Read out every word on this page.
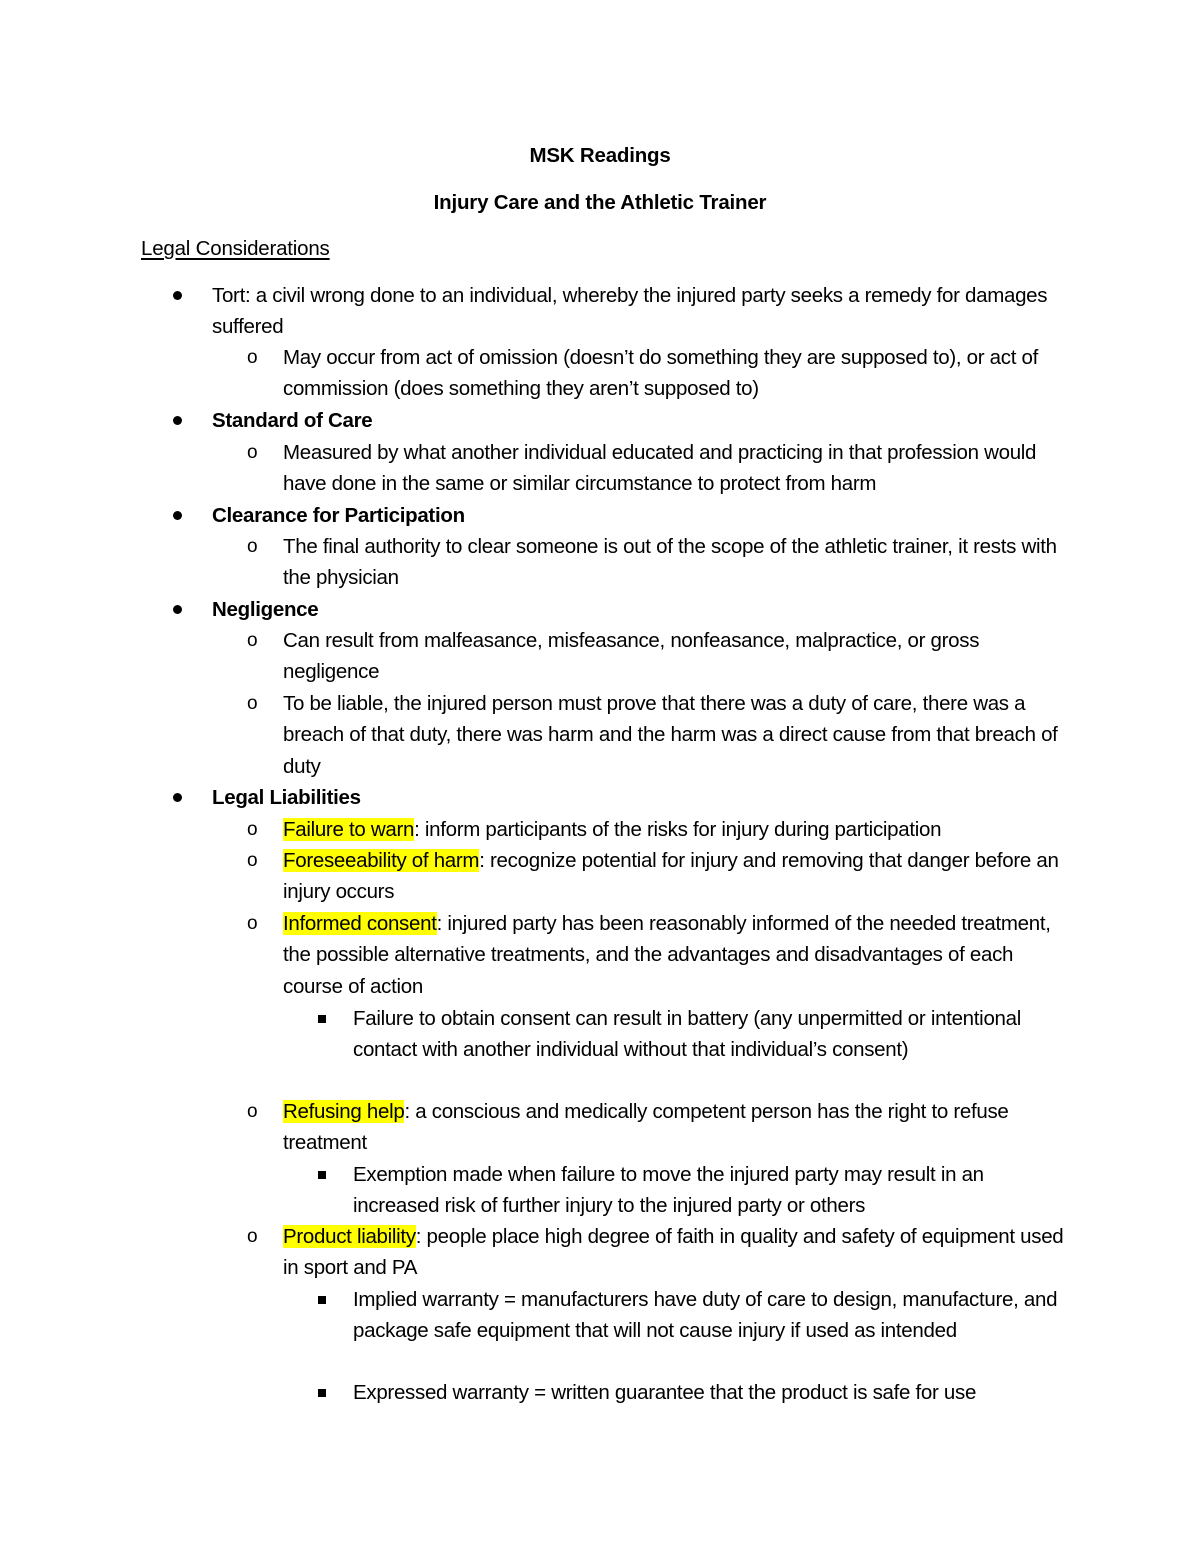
MSK Readings
Injury Care and the Athletic Trainer
Legal Considerations
Tort: a civil wrong done to an individual, whereby the injured party seeks a remedy for damages suffered
o May occur from act of omission (doesn’t do something they are supposed to), or act of commission (does something they aren’t supposed to)
Standard of Care
o Measured by what another individual educated and practicing in that profession would have done in the same or similar circumstance to protect from harm
Clearance for Participation
o The final authority to clear someone is out of the scope of the athletic trainer, it rests with the physician
Negligence
o Can result from malfeasance, misfeasance, nonfeasance, malpractice, or gross negligence
o To be liable, the injured person must prove that there was a duty of care, there was a breach of that duty, there was harm and the harm was a direct cause from that breach of duty
Legal Liabilities
o Failure to warn: inform participants of the risks for injury during participation
o Foreseeability of harm: recognize potential for injury and removing that danger before an injury occurs
o Informed consent: injured party has been reasonably informed of the needed treatment, the possible alternative treatments, and the advantages and disadvantages of each course of action
Failure to obtain consent can result in battery (any unpermitted or intentional contact with another individual without that individual’s consent)
o Refusing help: a conscious and medically competent person has the right to refuse treatment
Exemption made when failure to move the injured party may result in an increased risk of further injury to the injured party or others
o Product liability: people place high degree of faith in quality and safety of equipment used in sport and PA
Implied warranty = manufacturers have duty of care to design, manufacture, and package safe equipment that will not cause injury if used as intended
Expressed warranty = written guarantee that the product is safe for use
